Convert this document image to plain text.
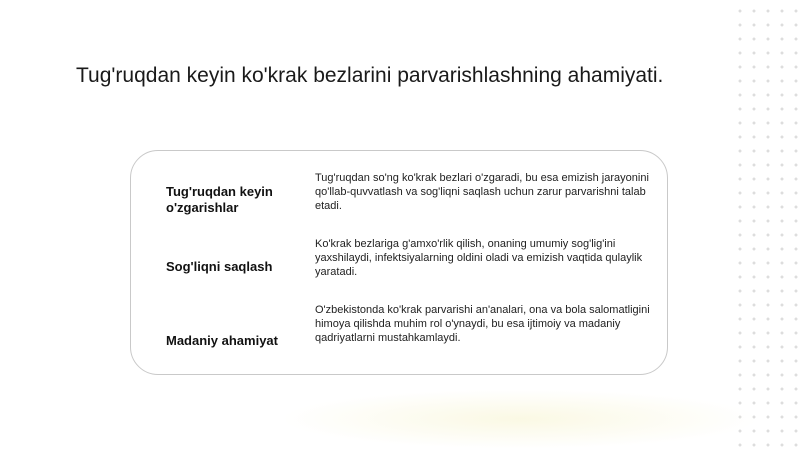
Tug'ruqdan keyin ko'krak bezlarini parvarishlashning ahamiyati.
Tug'ruqdan keyin o'zgarishlar
Tug'ruqdan so'ng ko'krak bezlari o'zgaradi, bu esa emizish jarayonini qo'llab-quvvatlash va sog'liqni saqlash uchun zarur parvarishni talab etadi.
Sog'liqni saqlash
Ko'krak bezlariga g'amxo'rlik qilish, onaning umumiy sog'lig'ini yaxshilaydi, infektsiyalarning oldini oladi va emizish vaqtida qulaylik yaratadi.
Madaniy ahamiyat
O'zbekistonda ko'krak parvarishi an'analari, ona va bola salomatligini himoya qilishda muhim rol o'ynaydi, bu esa ijtimoiy va madaniy qadriyatlarni mustahkamlaydi.
